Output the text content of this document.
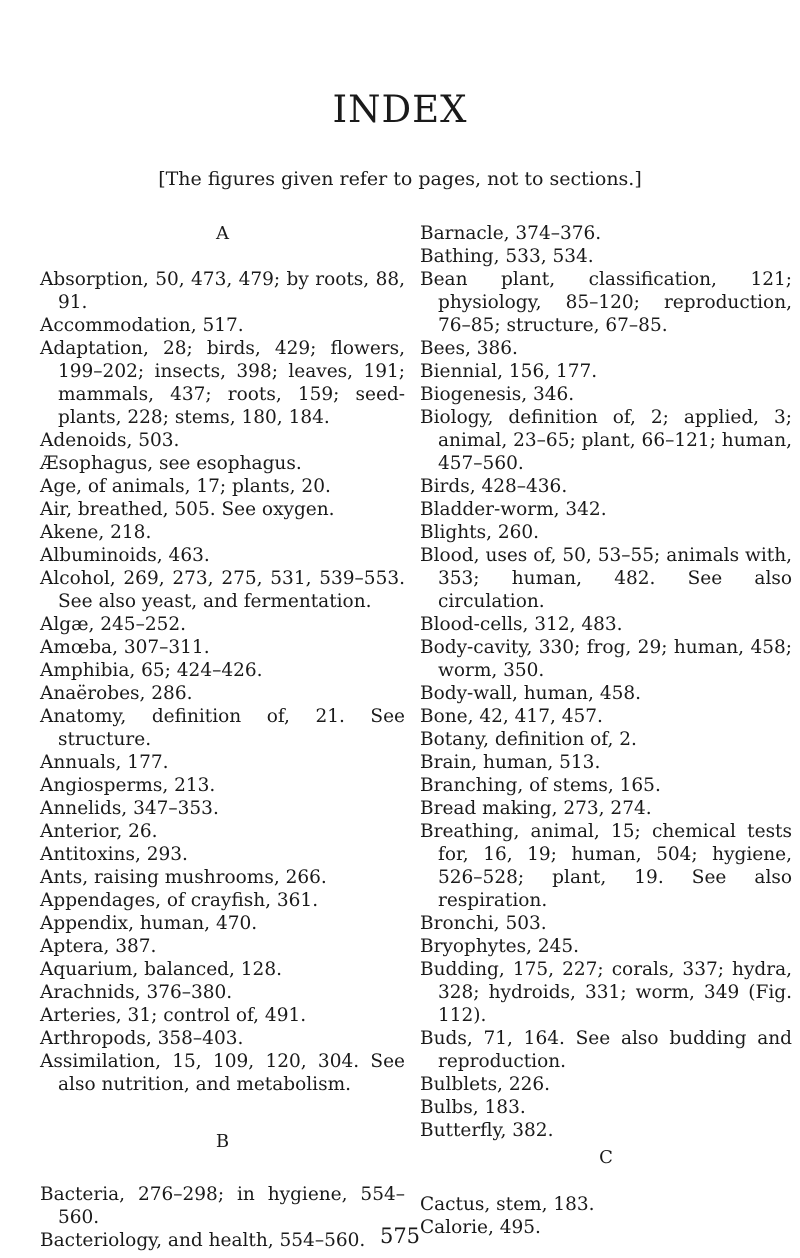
INDEX
[The figures given refer to pages, not to sections.]
A
Absorption, 50, 473, 479; by roots, 88, 91.
Accommodation, 517.
Adaptation, 28; birds, 429; flowers, 199–202; insects, 398; leaves, 191; mammals, 437; roots, 159; seed-plants, 228; stems, 180, 184.
Adenoids, 503.
Æsophagus, see esophagus.
Age, of animals, 17; plants, 20.
Air, breathed, 505. See oxygen.
Akene, 218.
Albuminoids, 463.
Alcohol, 269, 273, 275, 531, 539–553. See also yeast, and fermentation.
Algæ, 245–252.
Amœba, 307–311.
Amphibia, 65; 424–426.
Anaërobes, 286.
Anatomy, definition of, 21. See structure.
Annuals, 177.
Angiosperms, 213.
Annelids, 347–353.
Anterior, 26.
Antitoxins, 293.
Ants, raising mushrooms, 266.
Appendages, of crayfish, 361.
Appendix, human, 470.
Aptera, 387.
Aquarium, balanced, 128.
Arachnids, 376–380.
Arteries, 31; control of, 491.
Arthropods, 358–403.
Assimilation, 15, 109, 120, 304. See also nutrition, and metabolism.
B
Bacteria, 276–298; in hygiene, 554–560.
Bacteriology, and health, 554–560.
Barnacle, 374–376.
Bathing, 533, 534.
Bean plant, classification, 121; physiology, 85–120; reproduction, 76–85; structure, 67–85.
Bees, 386.
Biennial, 156, 177.
Biogenesis, 346.
Biology, definition of, 2; applied, 3; animal, 23–65; plant, 66–121; human, 457–560.
Birds, 428–436.
Bladder-worm, 342.
Blights, 260.
Blood, uses of, 50, 53–55; animals with, 353; human, 482. See also circulation.
Blood-cells, 312, 483.
Body-cavity, 330; frog, 29; human, 458; worm, 350.
Body-wall, human, 458.
Bone, 42, 417, 457.
Botany, definition of, 2.
Brain, human, 513.
Branching, of stems, 165.
Bread making, 273, 274.
Breathing, animal, 15; chemical tests for, 16, 19; human, 504; hygiene, 526–528; plant, 19. See also respiration.
Bronchi, 503.
Bryophytes, 245.
Budding, 175, 227; corals, 337; hydra, 328; hydroids, 331; worm, 349 (Fig. 112).
Buds, 71, 164. See also budding and reproduction.
Bulblets, 226.
Bulbs, 183.
Butterfly, 382.
C
Cactus, stem, 183.
Calorie, 495.
575
